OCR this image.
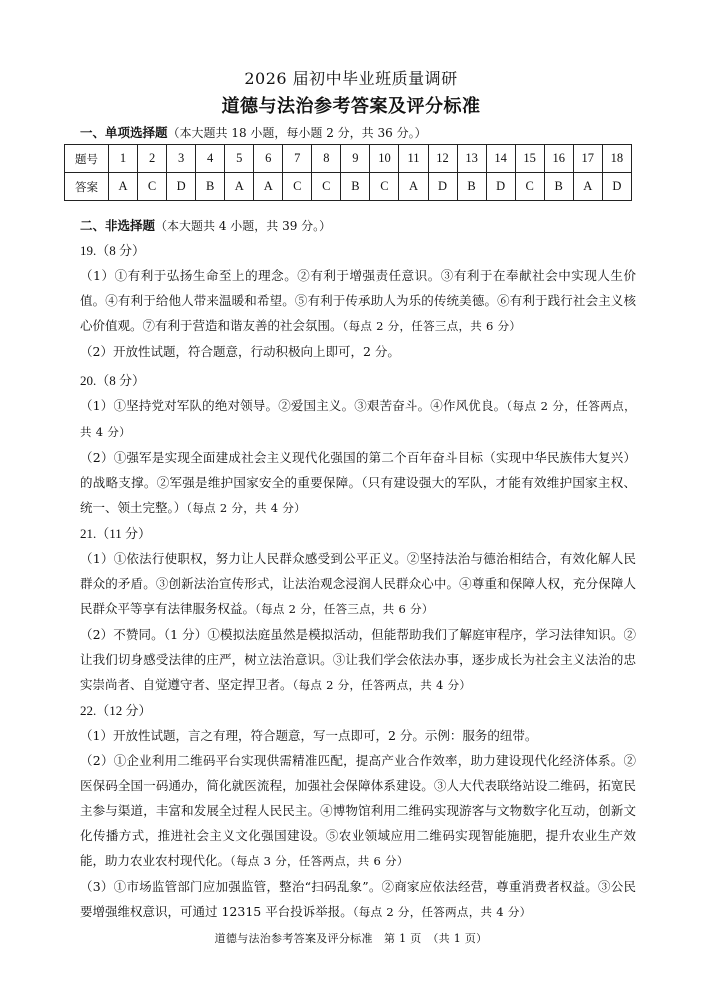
2026 届初中毕业班质量调研
道德与法治参考答案及评分标准
一、单项选择题（本大题共 18 小题，每小题 2 分，共 36 分。）
题号	1	2	3	4	5	6	7	8	9	10	11	12	13	14	15	16	17	18
答案	A	C	D	B	A	A	C	C	B	C	A	D	B	D	C	B	A	D
二、非选择题（本大题共 4 小题，共 39 分。）
19.（8 分）

（1）①有利于弘扬生命至上的理念。②有利于增强责任意识。③有利于在奉献社会中实现人生价值。④有利于给他人带来温暖和希望。⑤有利于传承助人为乐的传统美德。⑥有利于践行社会主义核心价值观。⑦有利于营造和谐友善的社会氛围。（每点 2 分，任答三点，共 6 分）

（2）开放性试题，符合题意，行动积极向上即可，2 分。

20.（8 分）

（1）①坚持党对军队的绝对领导。②爱国主义。③艰苦奋斗。④作风优良。（每点 2 分，任答两点，共 4 分）

（2）①强军是实现全面建成社会主义现代化强国的第二个百年奋斗目标（实现中华民族伟大复兴）的战略支撑。②军强是维护国家安全的重要保障。（只有建设强大的军队，才能有效维护国家主权、统一、领土完整。）（每点 2 分，共 4 分）

21.（11 分）

（1）①依法行使职权，努力让人民群众感受到公平正义。②坚持法治与德治相结合，有效化解人民群众的矛盾。③创新法治宣传形式，让法治观念浸润人民群众心中。④尊重和保障人权，充分保障人民群众平等享有法律服务权益。（每点 2 分，任答三点，共 6 分）

（2）不赞同。（1 分）①模拟法庭虽然是模拟活动，但能帮助我们了解庭审程序，学习法律知识。②让我们切身感受法律的庄严，树立法治意识。③让我们学会依法办事，逐步成长为社会主义法治的忠实崇尚者、自觉遵守者、坚定捍卫者。（每点 2 分，任答两点，共 4 分）

22.（12 分）

（1）开放性试题，言之有理，符合题意，写一点即可，2 分。示例：服务的纽带。

（2）①企业利用二维码平台实现供需精准匹配，提高产业合作效率，助力建设现代化经济体系。②医保码全国一码通办，简化就医流程，加强社会保障体系建设。③人大代表联络站设二维码，拓宽民主参与渠道，丰富和发展全过程人民民主。④博物馆利用二维码实现游客与文物数字化互动，创新文化传播方式，推进社会主义文化强国建设。⑤农业领域应用二维码实现智能施肥，提升农业生产效能，助力农业农村现代化。（每点 3 分，任答两点，共 6 分）

（3）①市场监管部门应加强监管，整治“扫码乱象”。②商家应依法经营，尊重消费者权益。③公民要增强维权意识，可通过 12315 平台投诉举报。（每点 2 分，任答两点，共 4 分）

道德与法治参考答案及评分标准　第 1 页　（共 1 页）
